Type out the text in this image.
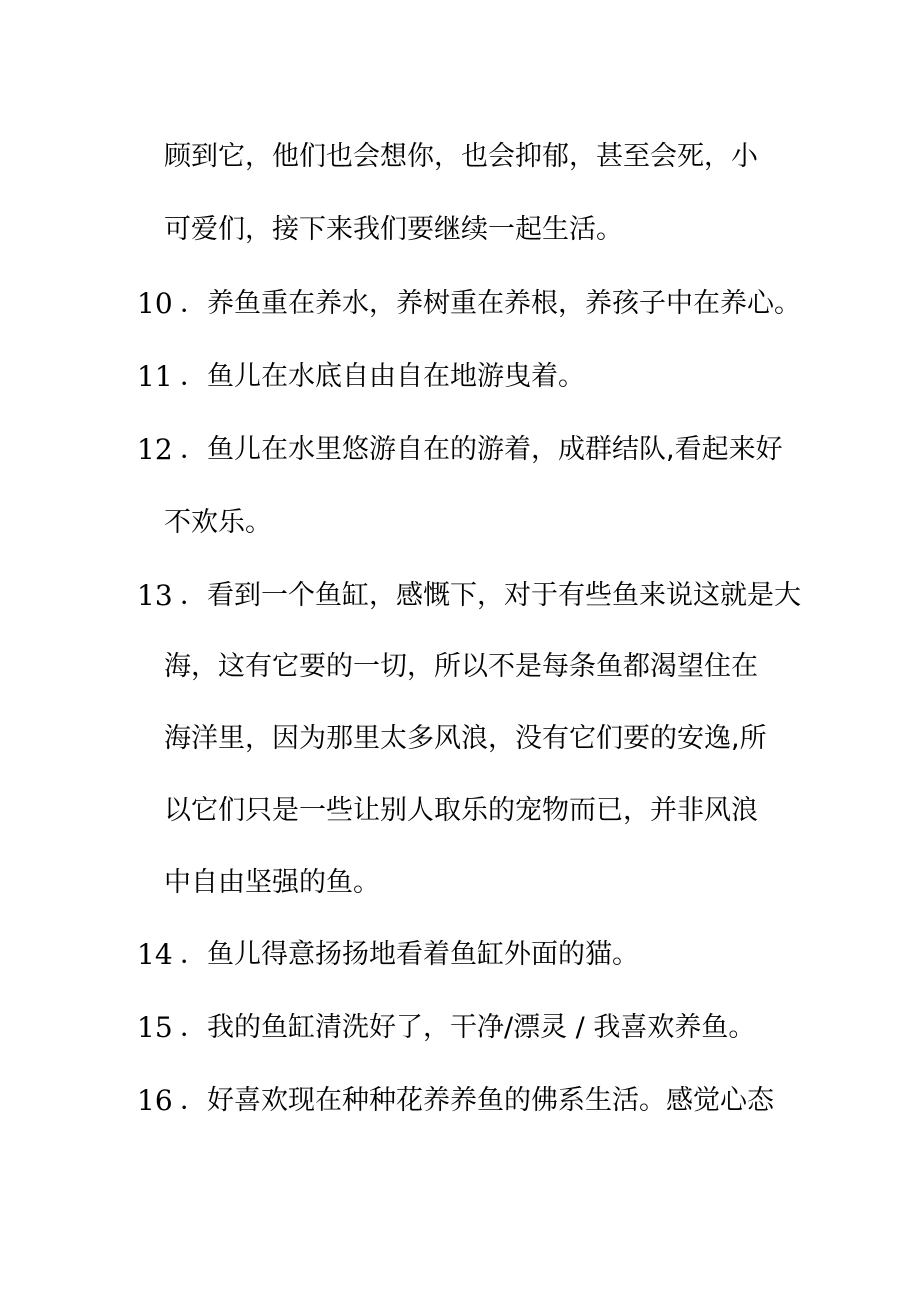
顾到它，他们也会想你，也会抑郁，甚至会死，小
可爱们，接下来我们要继续一起生活。
10 ．养鱼重在养水，养树重在养根，养孩子中在养心。
11 ．鱼儿在水底自由自在地游曳着。
12 ．鱼儿在水里悠游自在的游着，成群结队,看起来好
不欢乐。
13 ．看到一个鱼缸，感慨下，对于有些鱼来说这就是大
海，这有它要的一切，所以不是每条鱼都渴望住在
海洋里，因为那里太多风浪，没有它们要的安逸,所
以它们只是一些让别人取乐的宠物而已，并非风浪
中自由坚强的鱼。
14 ．鱼儿得意扬扬地看着鱼缸外面的猫。
15 ．我的鱼缸清洗好了，干净/漂灵 / 我喜欢养鱼。
16 ．好喜欢现在种种花养养鱼的佛系生活。感觉心态
